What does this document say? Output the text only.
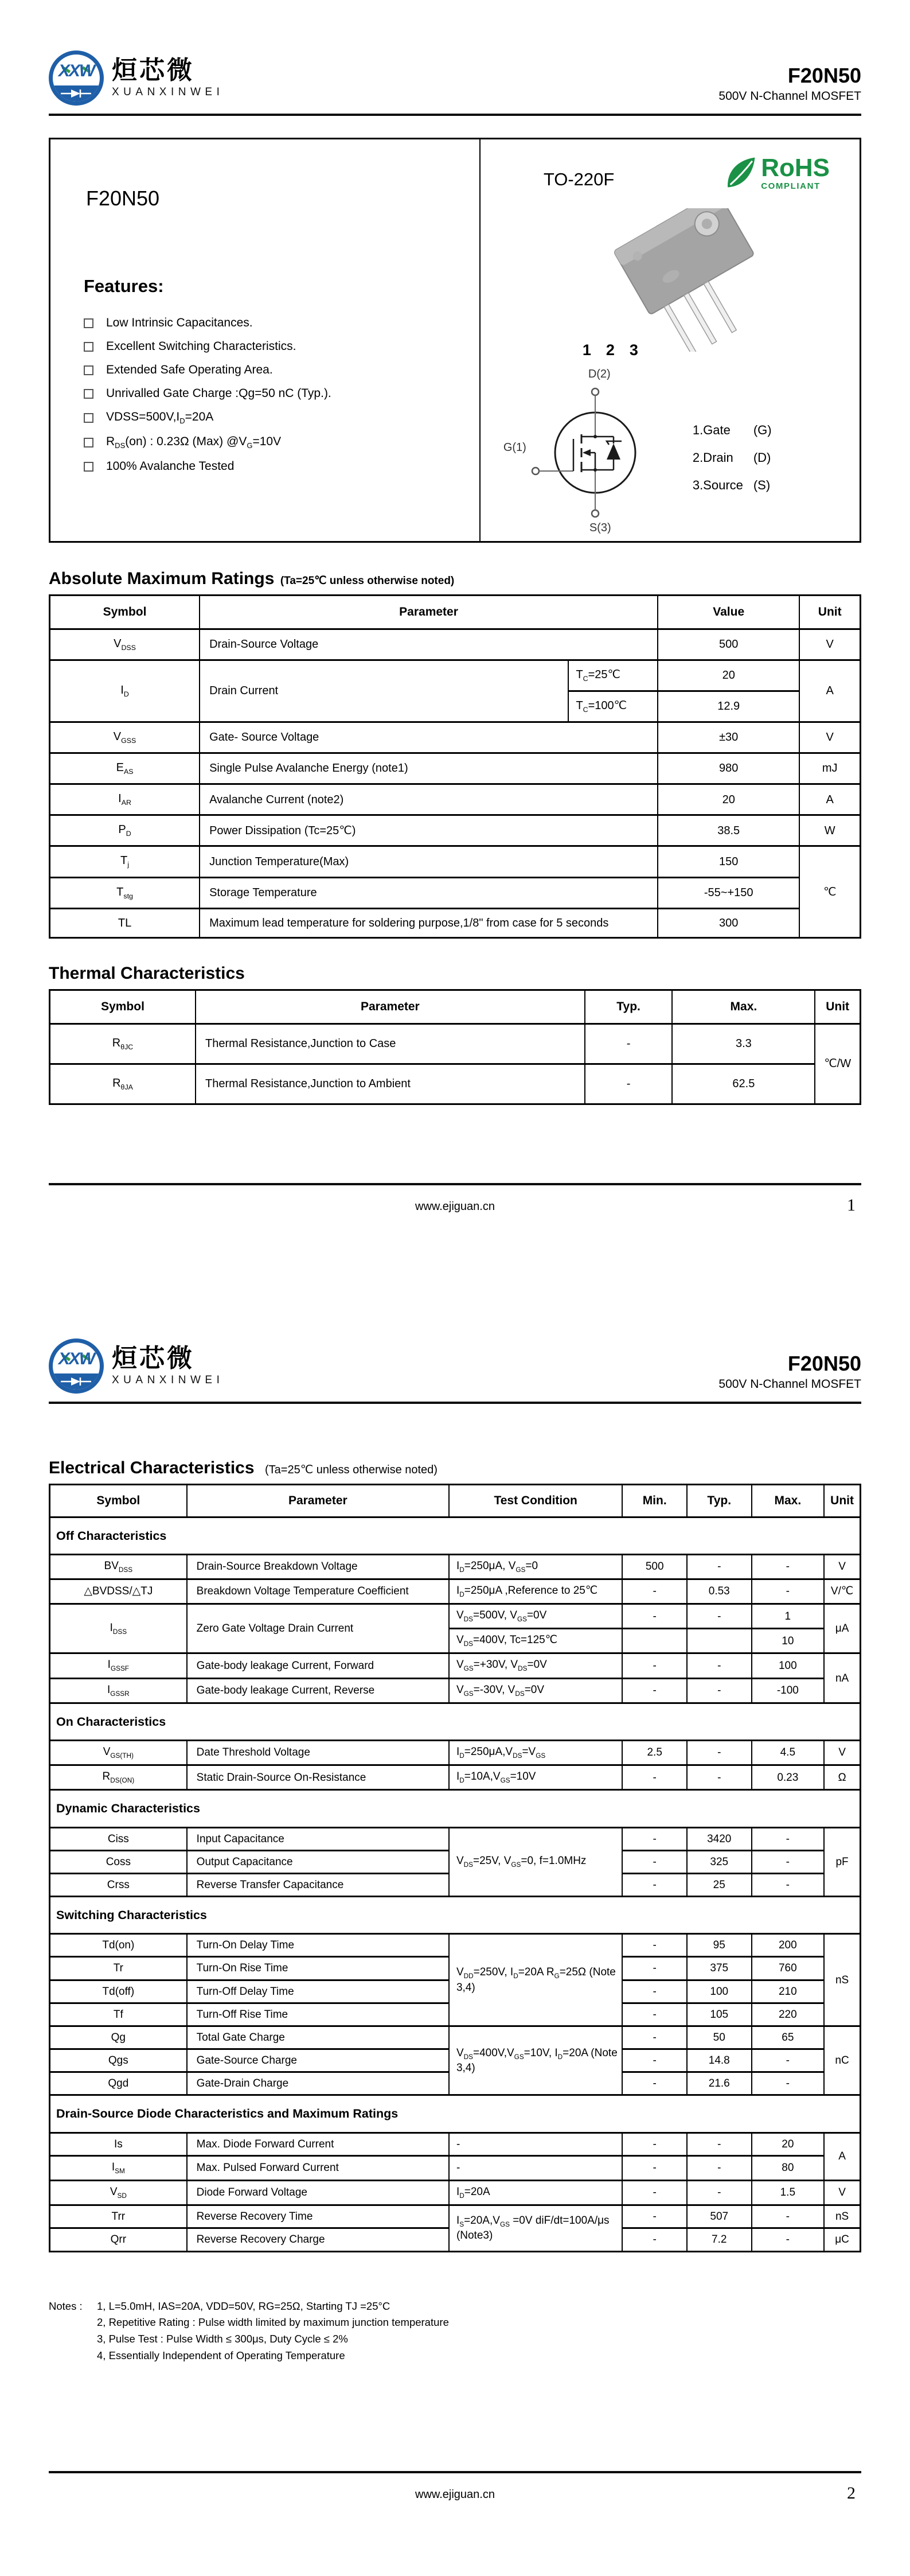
XXW 烜芯微
XUANXINWEI
F20N50
500V N-Channel MOSFET
F20N50
Features:
Low Intrinsic Capacitances.
Excellent Switching Characteristics.
Extended Safe Operating Area.
Unrivalled Gate Charge :Qg=50 nC (Typ.).
$VDSS=500V,I_D=20A$
$R_{DS}(on)$ : 0.23Ω (Max) $@V_G=10V$
100% Avalanche Tested
TO-220F	RoHS
COMPLIANT
1 2 3
D(2)
G(1)
S(3)
1.Gate	(G)
2.Drain	(D)
3.Source (S)
Absolute Maximum Ratings (Ta=25℃ unless otherwise noted)
Symbol	Parameter		Value	Unit
$V_{DSS}$	Drain-Source Voltage		500	V
$I_D$	Drain Current	$T_C=25℃$	20	A
		$T_C=100℃$	12.9	
$V_{GSS}$	Gate- Source Voltage		±30	V
$E_{AS}$	Single Pulse Avalanche Energy (note1)		980	mJ
$I_{AR}$	Avalanche Current (note2)		20	A
$P_D$	Power Dissipation (Tc=25℃)		38.5	W
$T_j$	Junction Temperature(Max)		150	℃
$T_{stg}$	Storage Temperature		-55~+150	
TL	Maximum lead temperature for soldering purpose,1/8" from case for 5 seconds		300	
Thermal Characteristics
Symbol	Parameter	Typ.	Max.	Unit
$R_{\theta JC}$	Thermal Resistance,Junction to Case	-	3.3	℃/W
$R_{\theta JA}$	Thermal Resistance,Junction to Ambient	-	62.5	
www.ejiguan.cn	1
XXW 烜芯微
XUANXINWEI
F20N50
500V N-Channel MOSFET
Electrical Characteristics (Ta=25℃ unless otherwise noted)
Symbol	Parameter	Test Condition	Min.	Typ.	Max.	Unit
Off Characteristics						
$BV_{DSS}$	Drain-Source Breakdown Voltage	$I_D=250\mu A$, $V_{GS}=0$	500	-	-	V
△BVDSS/△TJ	Breakdown Voltage Temperature Coefficient	$I_D=250\mu A$ ,Reference to 25℃	-	0.53	-	V/℃
$I_{DSS}$	Zero Gate Voltage Drain Current	$V_{DS}=500V$, $V_{GS}=0V$	-	-	1	μA
		$V_{DS}=400V$, Tc=125℃			10	
$I_{GSSF}$	Gate-body leakage Current, Forward	$V_{GS}=+30V$, $V_{DS}=0V$	-	-	100	nA
$I_{GSSR}$	Gate-body leakage Current, Reverse	$V_{GS}=-30V$, $V_{DS}=0V$	-	-	-100	
On Characteristics						
$V_{GS(TH)}$	Date Threshold Voltage	$I_D=250\mu A,V_{DS}=V_{GS}$	2.5	-	4.5	V
$R_{DS(ON)}$	Static Drain-Source On-Resistance	$I_D=10A,V_{GS}=10V$	-	-	0.23	Ω
Dynamic Characteristics						
Ciss	Input Capacitance	$V_{DS}=25V$, $V_{GS}=0$, f=1.0MHz	-	3420	-	pF
Coss	Output Capacitance		-	325	-	
Crss	Reverse Transfer Capacitance		-	25	-	
Switching Characteristics						
Td(on)	Turn-On Delay Time	$V_{DD}=250V$, $I_D=20A$ $R_G=25\Omega$ (Note 3,4)	-	95	200	nS
Tr	Turn-On Rise Time		-	375	760	
Td(off)	Turn-Off Delay Time		-	100	210	
Tf	Turn-Off Rise Time		-	105	220	
Qg	Total Gate Charge	$V_{DS}=400V,V_{GS}=10V$, $I_D=20A$ (Note 3,4)	-	50	65	nC
Qgs	Gate-Source Charge		-	14.8	-	
Qgd	Gate-Drain Charge		-	21.6	-	
Drain-Source Diode Characteristics and Maximum Ratings						
Is	Max. Diode Forward Current	-	-	-	20	A
$I_{SM}$	Max. Pulsed Forward Current	-	-	-	80	
$V_{SD}$	Diode Forward Voltage	$I_D=20A$	-	-	1.5	V
Trr	Reverse Recovery Time	$I_S=20A,V_{GS} =0V$ diF/dt=100A/μs (Note3)	-	507	-	nS
Qrr	Reverse Recovery Charge		-	7.2	-	μC
Notes :	1, L=5.0mH, IAS=20A, VDD=50V, RG=25Ω, Starting TJ =25°C
2, Repetitive Rating : Pulse width limited by maximum junction temperature
3, Pulse Test : Pulse Width ≤ 300μs, Duty Cycle ≤ 2%
4, Essentially Independent of Operating Temperature
www.ejiguan.cn	2
